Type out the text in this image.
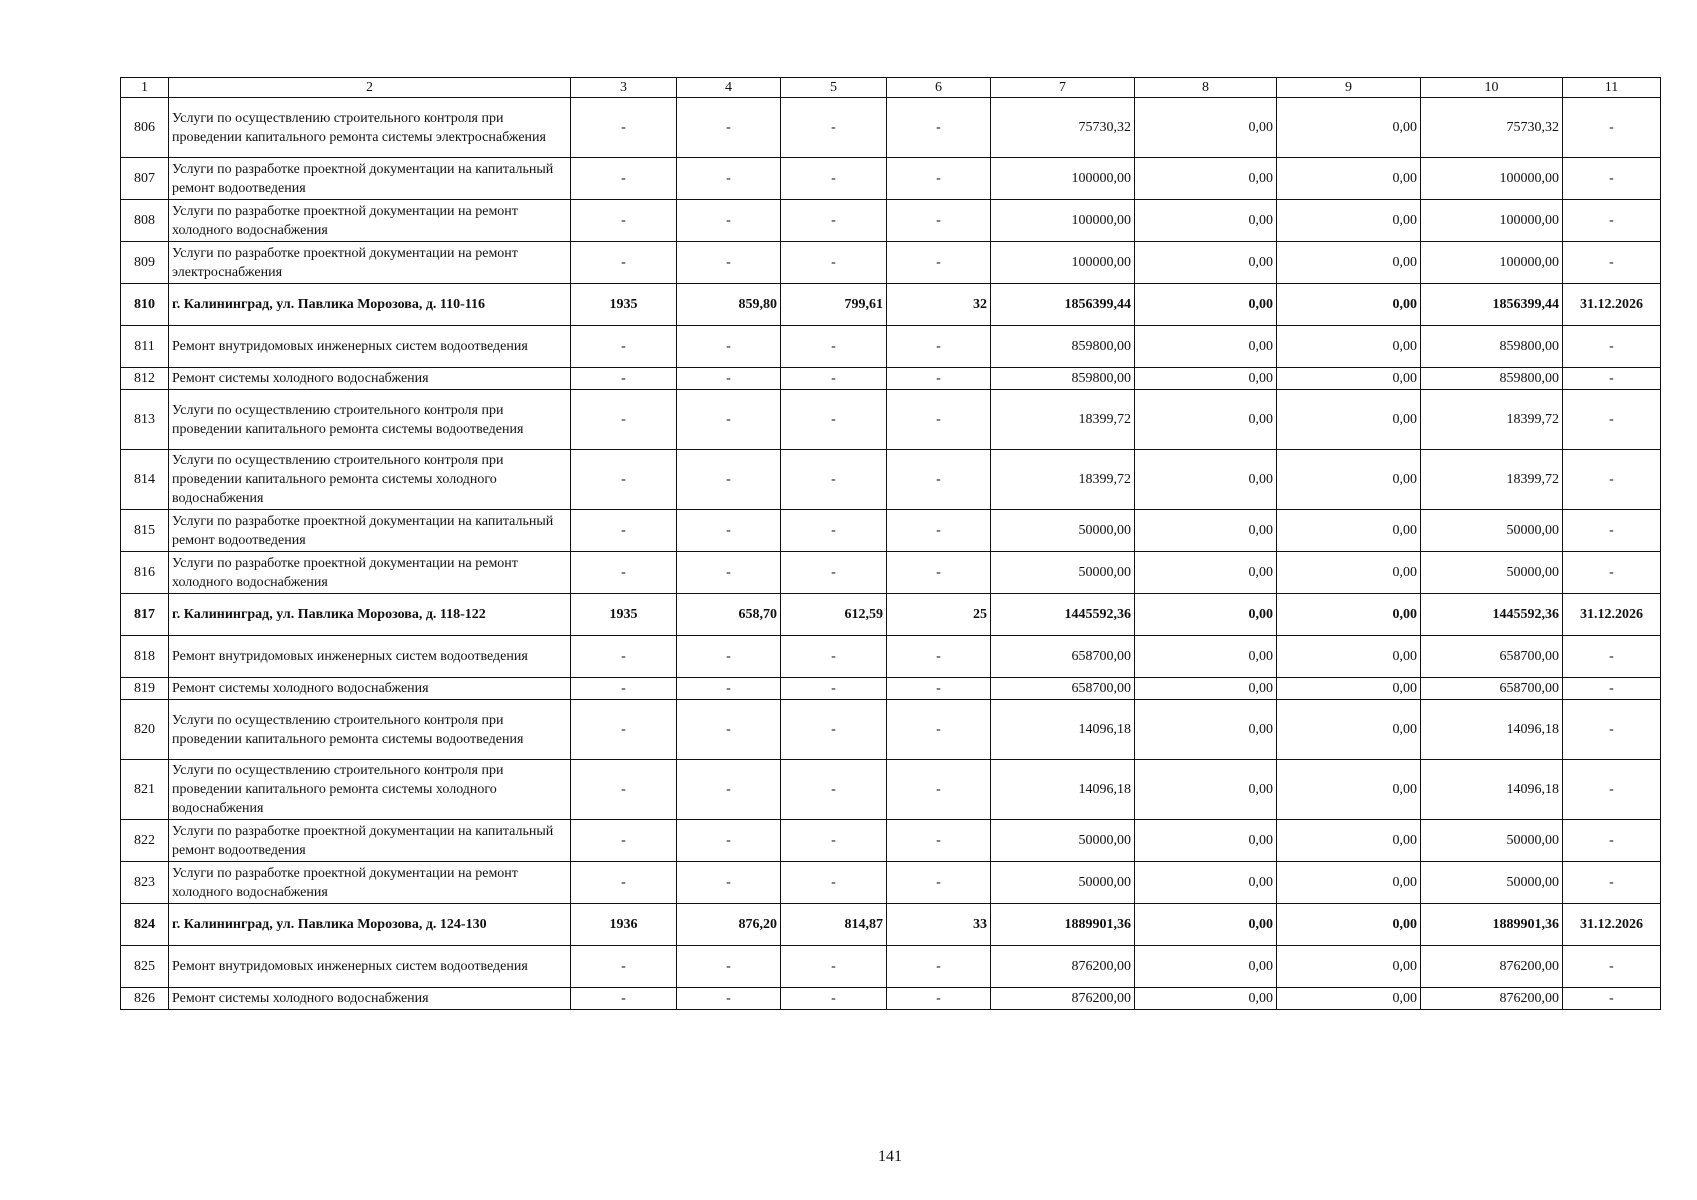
1	2	3	4	5	6	7	8	9	10	11
806	Услуги по осуществлению строительного контроля при проведении капитального ремонта системы электроснабжения	-	-	-	-	75730,32	0,00	0,00	75730,32	-
807	Услуги по разработке проектной документации на капитальный ремонт водоотведения	-	-	-	-	100000,00	0,00	0,00	100000,00	-
808	Услуги по разработке проектной документации на ремонт холодного водоснабжения	-	-	-	-	100000,00	0,00	0,00	100000,00	-
809	Услуги по разработке проектной документации на ремонт электроснабжения	-	-	-	-	100000,00	0,00	0,00	100000,00	-
810	г. Калининград, ул. Павлика Морозова, д. 110-116	1935	859,80	799,61	32	1856399,44	0,00	0,00	1856399,44	31.12.2026
811	Ремонт внутридомовых инженерных систем водоотведения	-	-	-	-	859800,00	0,00	0,00	859800,00	-
812	Ремонт системы холодного водоснабжения	-	-	-	-	859800,00	0,00	0,00	859800,00	-
813	Услуги по осуществлению строительного контроля при проведении капитального ремонта системы водоотведения	-	-	-	-	18399,72	0,00	0,00	18399,72	-
814	Услуги по осуществлению строительного контроля при проведении капитального ремонта системы холодного водоснабжения	-	-	-	-	18399,72	0,00	0,00	18399,72	-
815	Услуги по разработке проектной документации на капитальный ремонт водоотведения	-	-	-	-	50000,00	0,00	0,00	50000,00	-
816	Услуги по разработке проектной документации на ремонт холодного водоснабжения	-	-	-	-	50000,00	0,00	0,00	50000,00	-
817	г. Калининград, ул. Павлика Морозова, д. 118-122	1935	658,70	612,59	25	1445592,36	0,00	0,00	1445592,36	31.12.2026
818	Ремонт внутридомовых инженерных систем водоотведения	-	-	-	-	658700,00	0,00	0,00	658700,00	-
819	Ремонт системы холодного водоснабжения	-	-	-	-	658700,00	0,00	0,00	658700,00	-
820	Услуги по осуществлению строительного контроля при проведении капитального ремонта системы водоотведения	-	-	-	-	14096,18	0,00	0,00	14096,18	-
821	Услуги по осуществлению строительного контроля при проведении капитального ремонта системы холодного водоснабжения	-	-	-	-	14096,18	0,00	0,00	14096,18	-
822	Услуги по разработке проектной документации на капитальный ремонт водоотведения	-	-	-	-	50000,00	0,00	0,00	50000,00	-
823	Услуги по разработке проектной документации на ремонт холодного водоснабжения	-	-	-	-	50000,00	0,00	0,00	50000,00	-
824	г. Калининград, ул. Павлика Морозова, д. 124-130	1936	876,20	814,87	33	1889901,36	0,00	0,00	1889901,36	31.12.2026
825	Ремонт внутридомовых инженерных систем водоотведения	-	-	-	-	876200,00	0,00	0,00	876200,00	-
826	Ремонт системы холодного водоснабжения	-	-	-	-	876200,00	0,00	0,00	876200,00	-
141
